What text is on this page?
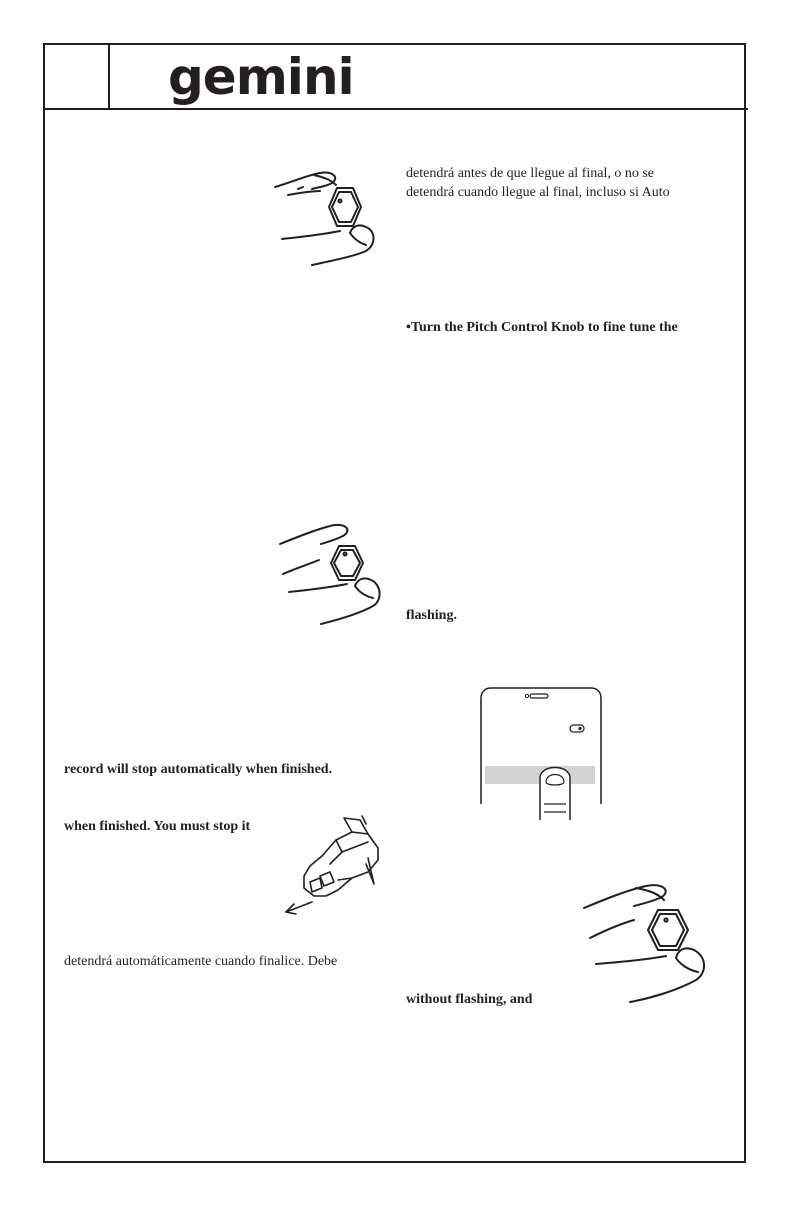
gemini
detendrá antes de que llegue al final, o no se
detendrá cuando llegue al final, incluso si Auto
•Turn the Pitch Control Knob to fine tune the
flashing.
without flashing, and
record will stop automatically when finished.
when finished. You must stop it
detendrá automáticamente cuando finalice. Debe
